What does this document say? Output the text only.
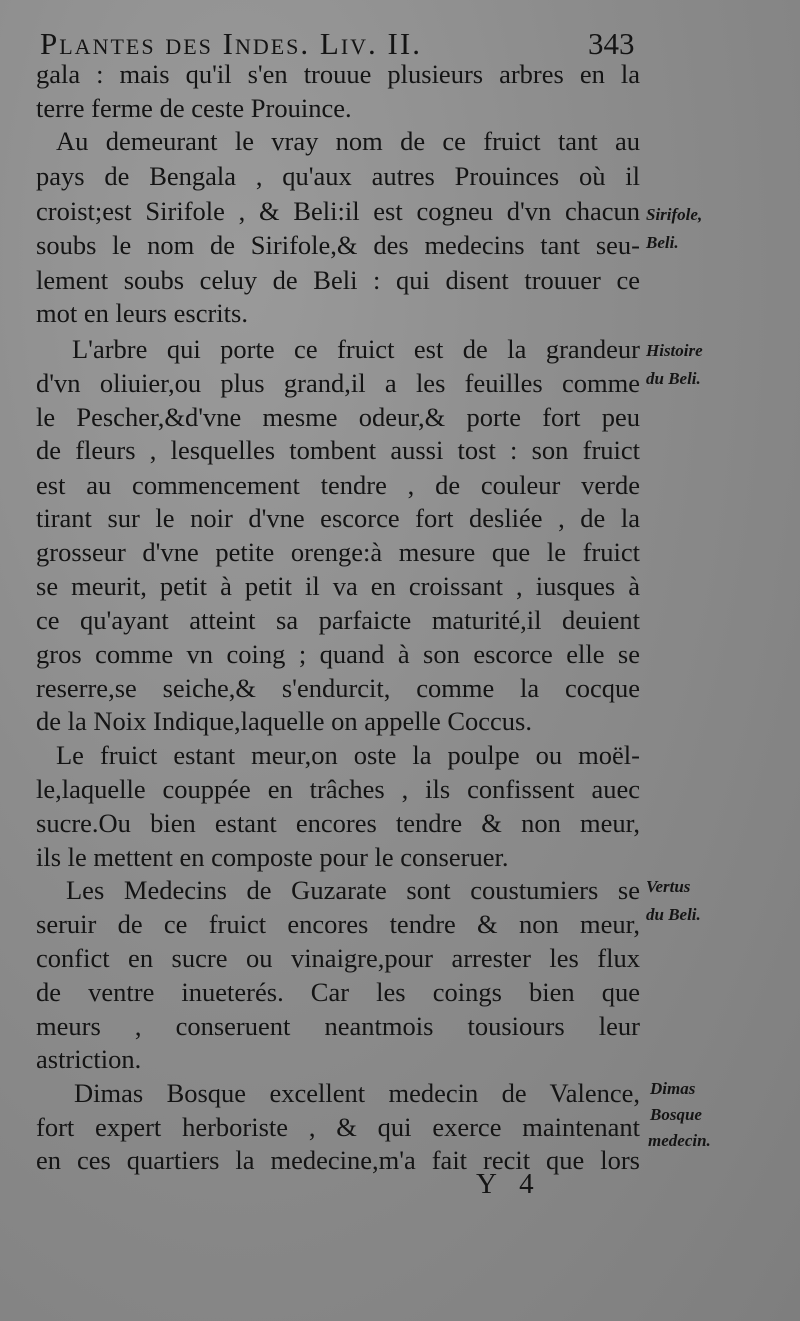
Plantes des Indes. Liv. II.	343
gala : mais qu'il s'en trouue plusieurs arbres en la
terre ferme de ceste Prouince.
Au demeurant le vray nom de ce fruict tant au
pays de Bengala , qu'aux autres Prouinces où il
croist;est Sirifole , & Beli:il est cogneu d'vn chacun
soubs le nom de Sirifole,& des medecins tant seu-
lement soubs celuy de Beli : qui disent trouuer ce
mot en leurs escrits.
L'arbre qui porte ce fruict est de la grandeur
d'vn oliuier,ou plus grand,il a les feuilles comme
le Pescher,&d'vne mesme odeur,& porte fort peu
de fleurs , lesquelles tombent aussi tost : son fruict
est au commencement tendre , de couleur verde
tirant sur le noir d'vne escorce fort desliée , de la
grosseur d'vne petite orenge:à mesure que le fruict
se meurit, petit à petit il va en croissant , iusques à
ce qu'ayant atteint sa parfaicte maturité,il deuient
gros comme vn coing ; quand à son escorce elle se
reserre,se seiche,& s'endurcit, comme la cocque
de la Noix Indique,laquelle on appelle Coccus.
Le fruict estant meur,on oste la poulpe ou moël-
le,laquelle couppée en trâches , ils confissent auec
sucre.Ou bien estant encores tendre & non meur,
ils le mettent en composte pour le conseruer.
Les Medecins de Guzarate sont coustumiers se
seruir de ce fruict encores tendre & non meur,
confict en sucre ou vinaigre,pour arrester les flux
de ventre inueterés. Car les coings bien que
meurs , conseruent neantmois tousiours leur
astriction.
Dimas Bosque excellent medecin de Valence,
fort expert herboriste , & qui exerce maintenant
en ces quartiers la medecine,m'a fait recit que lors
Sirifole,
Beli.
Histoire
du Beli.
Vertus
du Beli.
Dimas
Bosque
medecin.
Y 4
